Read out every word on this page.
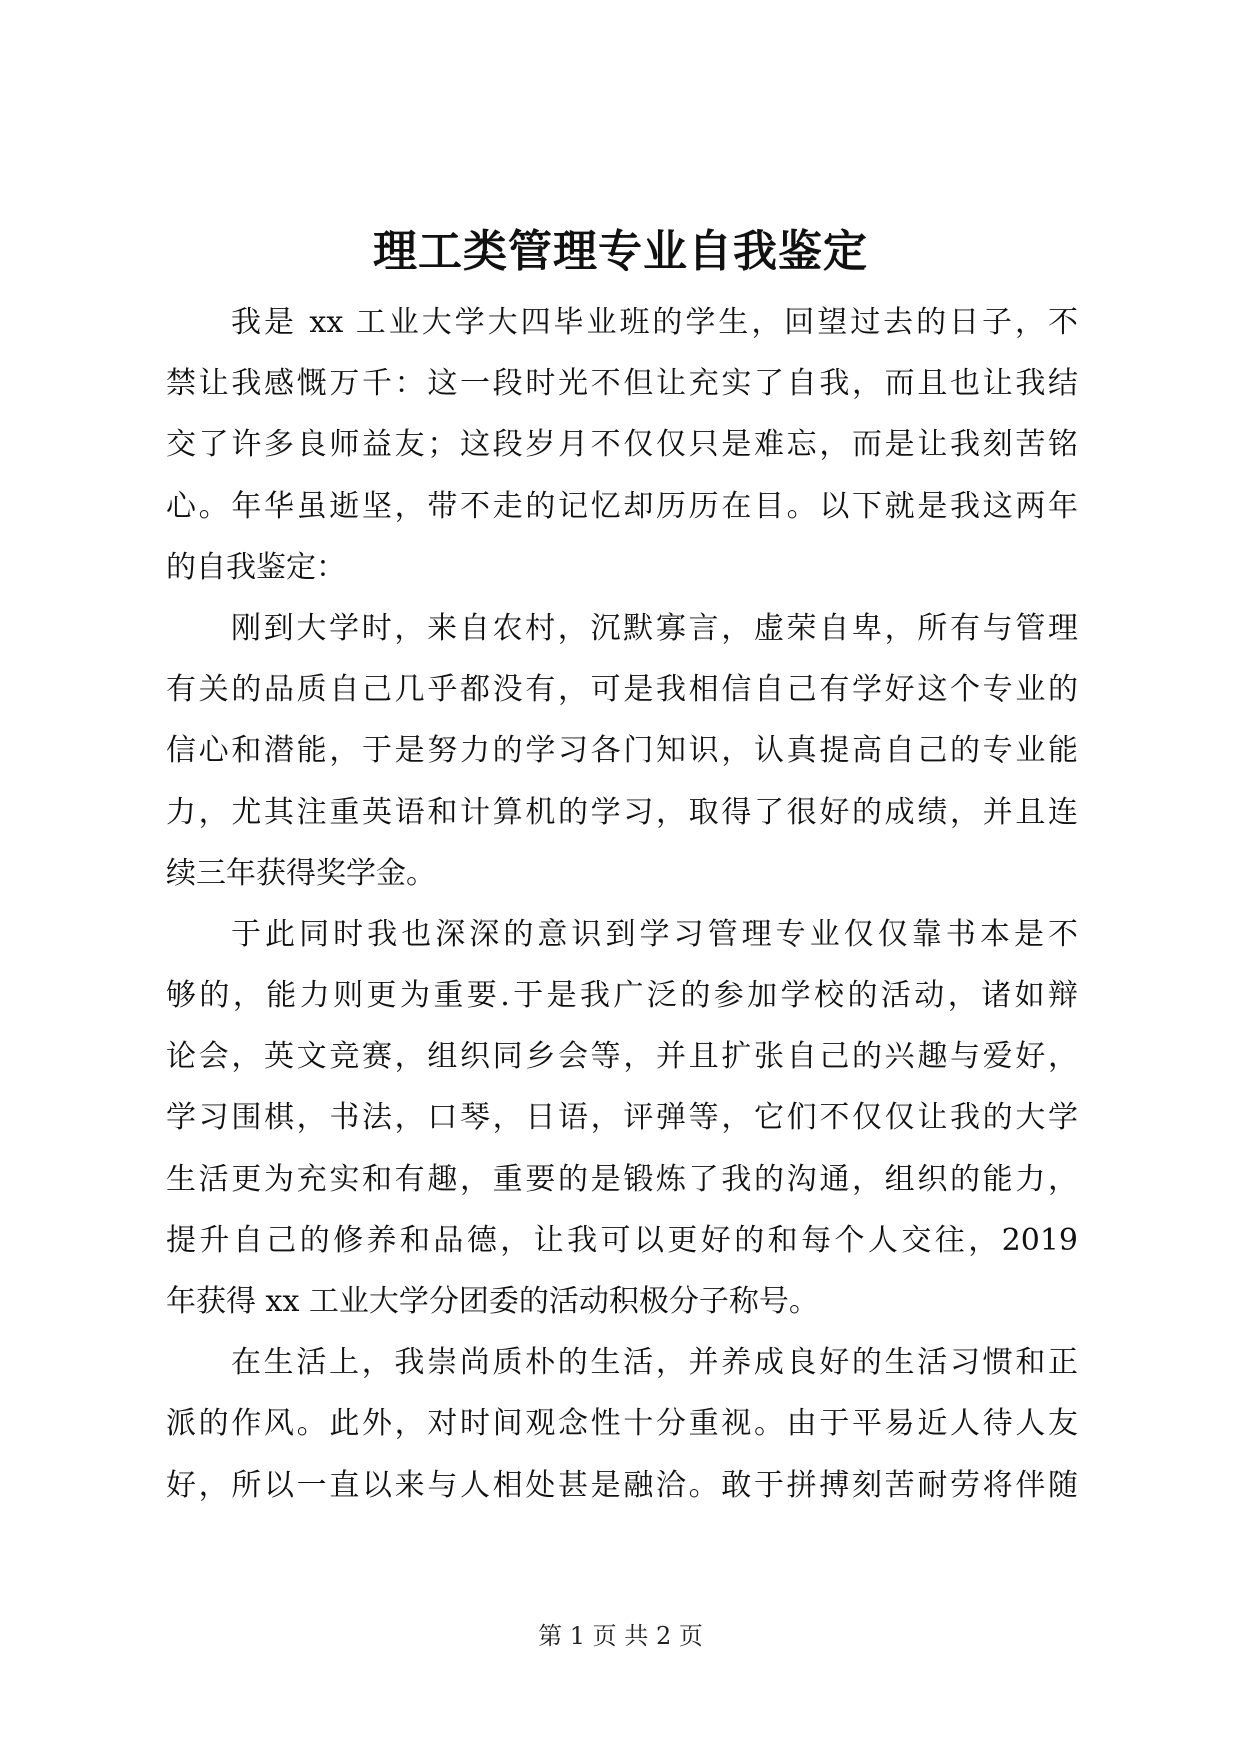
理工类管理专业自我鉴定
我是 xx 工业大学大四毕业班的学生，回望过去的日子，不
禁让我感慨万千：这一段时光不但让充实了自我，而且也让我结
交了许多良师益友；这段岁月不仅仅只是难忘，而是让我刻苦铭
心。年华虽逝坚，带不走的记忆却历历在目。以下就是我这两年
的自我鉴定：
刚到大学时，来自农村，沉默寡言，虚荣自卑，所有与管理
有关的品质自己几乎都没有，可是我相信自己有学好这个专业的
信心和潜能，于是努力的学习各门知识，认真提高自己的专业能
力，尤其注重英语和计算机的学习，取得了很好的成绩，并且连
续三年获得奖学金。
于此同时我也深深的意识到学习管理专业仅仅靠书本是不
够的，能力则更为重要.于是我广泛的参加学校的活动，诸如辩
论会，英文竞赛，组织同乡会等，并且扩张自己的兴趣与爱好，
学习围棋，书法，口琴，日语，评弹等，它们不仅仅让我的大学
生活更为充实和有趣，重要的是锻炼了我的沟通，组织的能力，
提升自己的修养和品德，让我可以更好的和每个人交往，2019
年获得 xx 工业大学分团委的活动积极分子称号。
在生活上，我崇尚质朴的生活，并养成良好的生活习惯和正
派的作风。此外，对时间观念性十分重视。由于平易近人待人友
好，所以一直以来与人相处甚是融洽。敢于拼搏刻苦耐劳将伴随
第 1 页 共 2 页
